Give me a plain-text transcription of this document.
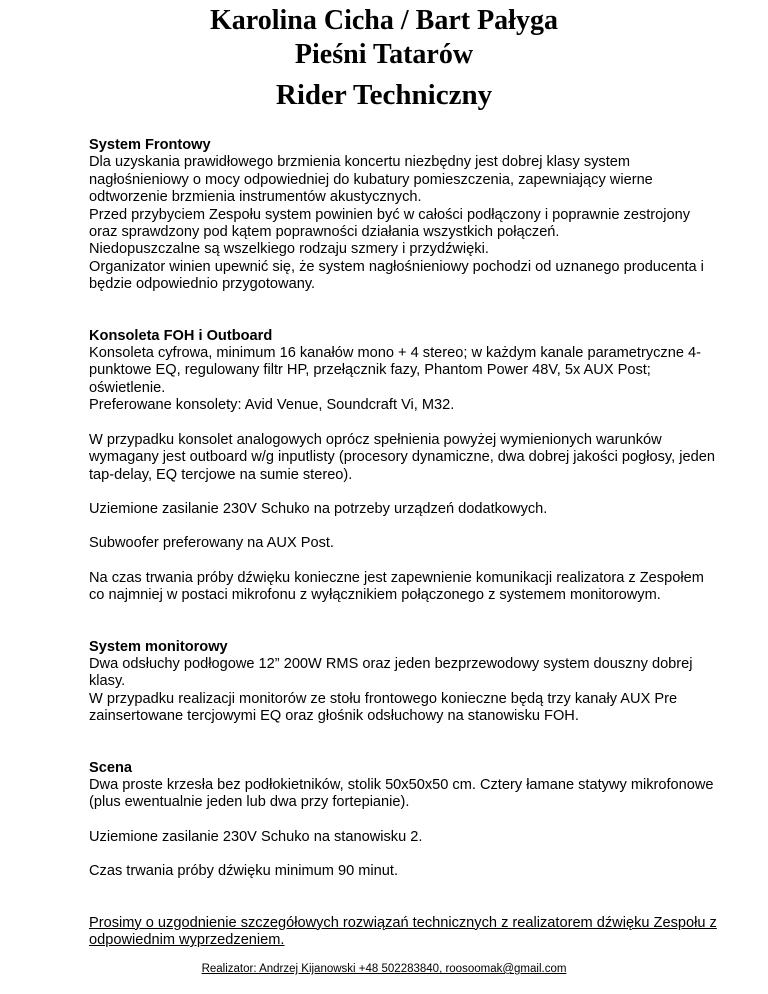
Karolina Cicha / Bart Pałyga
Pieśni Tatarów
Rider Techniczny
System Frontowy
Dla uzyskania prawidłowego brzmienia koncertu niezbędny jest dobrej klasy system nagłośnieniowy o mocy odpowiedniej do kubatury pomieszczenia, zapewniający wierne odtworzenie brzmienia instrumentów akustycznych.
Przed przybyciem Zespołu system powinien być w całości podłączony i poprawnie zestrojony oraz sprawdzony pod kątem poprawności działania wszystkich połączeń.
Niedopuszczalne są wszelkiego rodzaju szmery i przydźwięki.
Organizator winien upewnić się, że system nagłośnieniowy pochodzi od uznanego producenta i będzie odpowiednio przygotowany.
Konsoleta FOH i Outboard
Konsoleta cyfrowa, minimum 16 kanałów mono + 4 stereo; w każdym kanale parametryczne 4-punktowe EQ, regulowany filtr HP, przełącznik fazy, Phantom Power 48V, 5x AUX Post; oświetlenie.
Preferowane konsolety: Avid Venue, Soundcraft Vi, M32.
W przypadku konsolet analogowych oprócz spełnienia powyżej wymienionych warunków wymagany jest outboard w/g inputlisty (procesory dynamiczne, dwa dobrej jakości pogłosy, jeden tap-delay, EQ tercjowe na sumie stereo).
Uziemione zasilanie 230V Schuko na potrzeby urządzeń dodatkowych.
Subwoofer preferowany na AUX Post.
Na czas trwania próby dźwięku konieczne jest zapewnienie komunikacji realizatora z Zespołem co najmniej w postaci mikrofonu z wyłącznikiem połączonego z systemem monitorowym.
System monitorowy
Dwa odsłuchy podłogowe 12” 200W RMS oraz jeden bezprzewodowy system douszny dobrej klasy.
W przypadku realizacji monitorów ze stołu frontowego konieczne będą trzy kanały AUX Pre zainsertowane tercjowymi EQ oraz głośnik odsłuchowy na stanowisku FOH.
Scena
Dwa proste krzesła bez podłokietników, stolik 50x50x50 cm. Cztery łamane statywy mikrofonowe (plus ewentualnie jeden lub dwa przy fortepianie).
Uziemione zasilanie 230V Schuko na stanowisku 2.
Czas trwania próby dźwięku minimum 90 minut.
Prosimy o uzgodnienie szczegółowych rozwiązań technicznych z realizatorem dźwięku Zespołu z odpowiednim wyprzedzeniem.
Realizator: Andrzej Kijanowski +48 502283840, roosoomak@gmail.com
